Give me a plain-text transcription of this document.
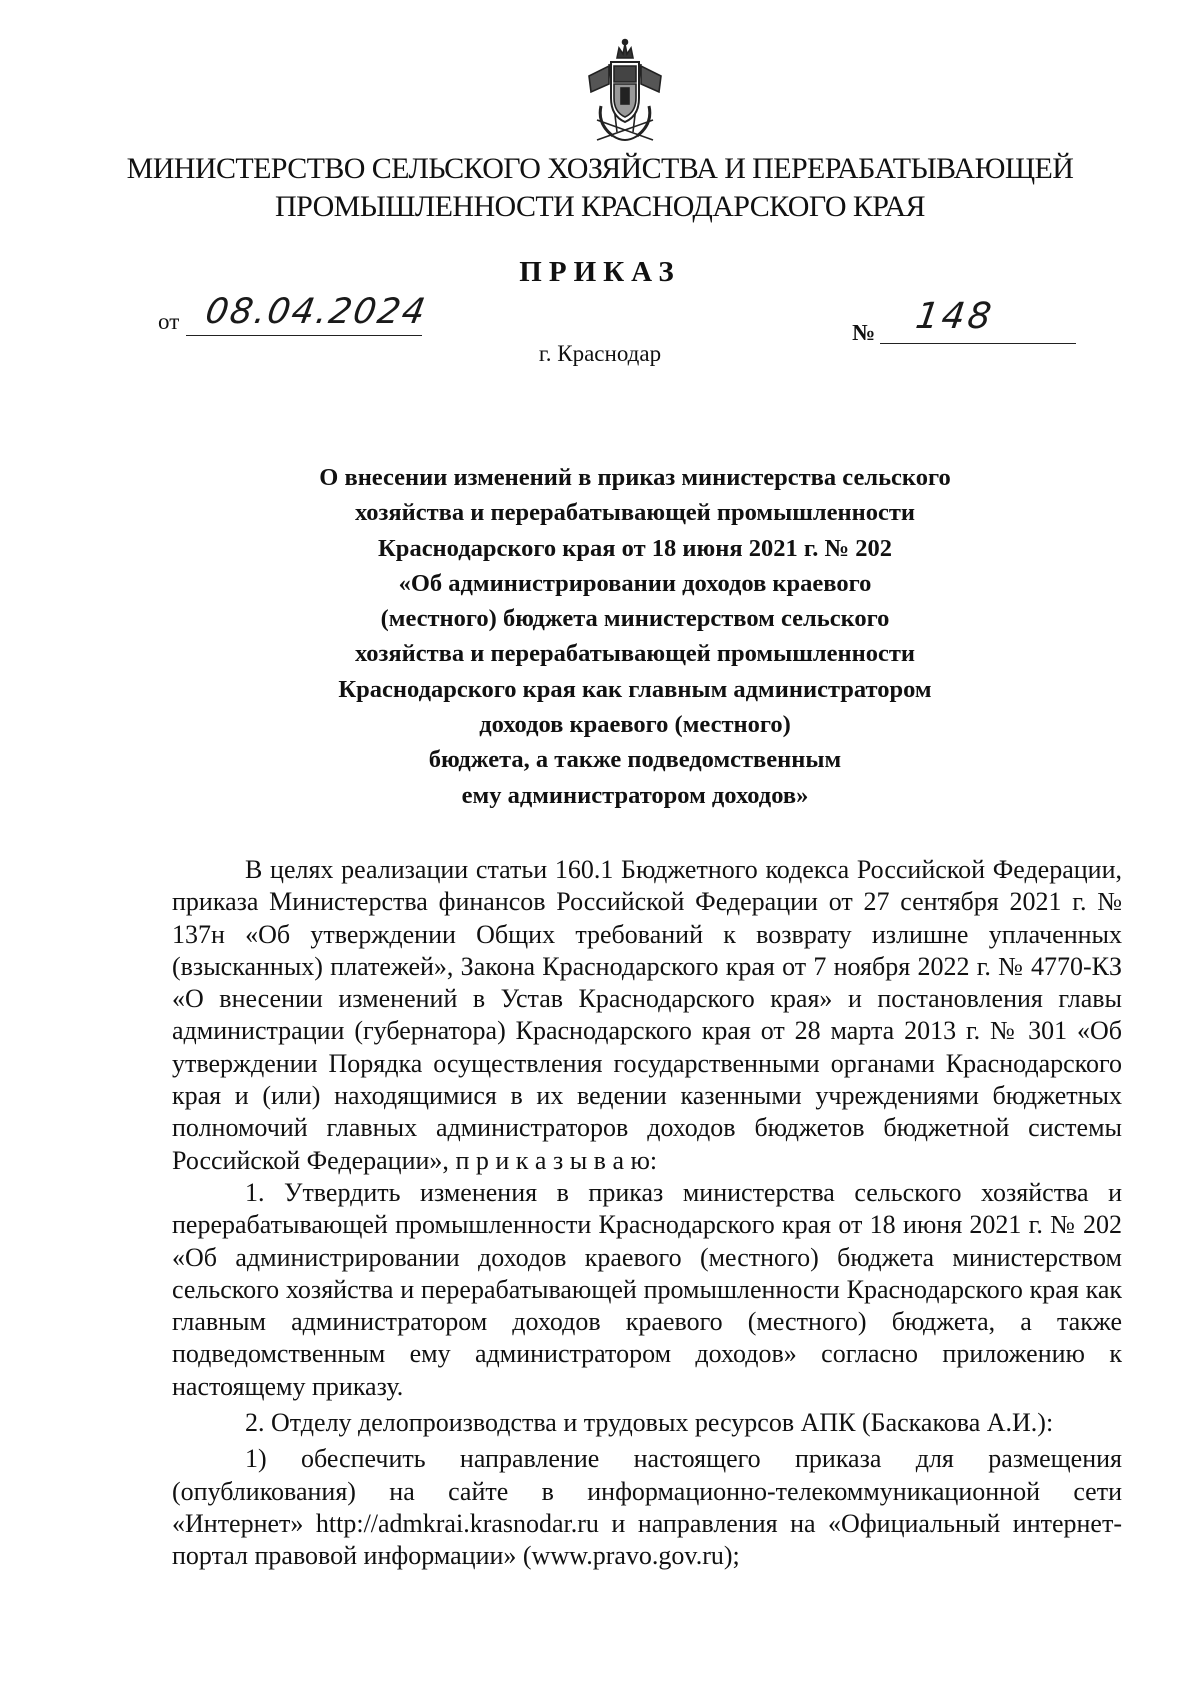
МИНИСТЕРСТВО СЕЛЬСКОГО ХОЗЯЙСТВА И ПЕРЕРАБАТЫВАЮЩЕЙ
ПРОМЫШЛЕННОСТИ КРАСНОДАРСКОГО КРАЯ
ПРИКАЗ
от 08.04.2024
№ 148
г. Краснодар
О внесении изменений в приказ министерства сельского
хозяйства и перерабатывающей промышленности
Краснодарского края от 18 июня 2021 г. № 202
«Об администрировании доходов краевого
(местного) бюджета министерством сельского
хозяйства и перерабатывающей промышленности
Краснодарского края как главным администратором
доходов краевого (местного)
бюджета, а также подведомственным
ему администратором доходов»

В целях реализации статьи 160.1 Бюджетного кодекса Российской Федерации, приказа Министерства финансов Российской Федерации от 27 сентября 2021 г. № 137н «Об утверждении Общих требований к возврату излишне уплаченных (взысканных) платежей», Закона Краснодарского края от 7 ноября 2022 г. № 4770-КЗ «О внесении изменений в Устав Краснодарского края» и постановления главы администрации (губернатора) Краснодарского края от 28 марта 2013 г. № 301 «Об утверждении Порядка осуществления государственными органами Краснодарского края и (или) находящимися в их ведении казенными учреждениями бюджетных полномочий главных администраторов доходов бюджетов бюджетной системы Российской Федерации», п р и к а з ы в а ю:

1. Утвердить изменения в приказ министерства сельского хозяйства и перерабатывающей промышленности Краснодарского края от 18 июня 2021 г. № 202 «Об администрировании доходов краевого (местного) бюджета министерством сельского хозяйства и перерабатывающей промышленности Краснодарского края как главным администратором доходов краевого (местного) бюджета, а также подведомственным ему администратором доходов» согласно приложению к настоящему приказу.

2. Отделу делопроизводства и трудовых ресурсов АПК (Баскакова А.И.):

1) обеспечить направление настоящего приказа для размещения (опубликования) на сайте в информационно-телекоммуникационной сети «Интернет» http://admkrai.krasnodar.ru и направления на «Официальный интернет-портал правовой информации» (www.pravo.gov.ru);
